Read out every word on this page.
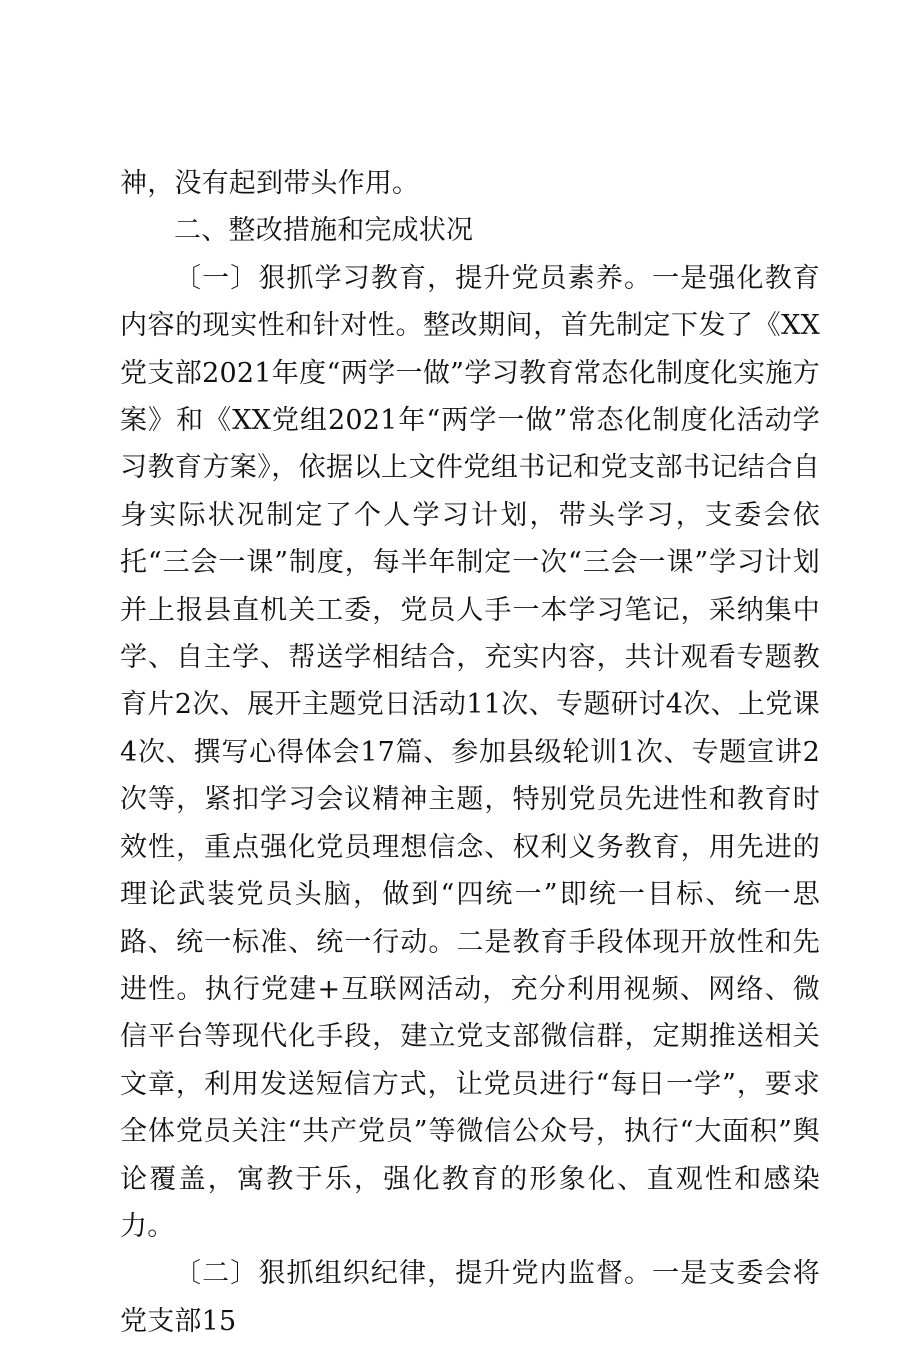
神，没有起到带头作用。

二、整改措施和完成状况

〔一〕狠抓学习教育，提升党员素养。一是强化教育内容的现实性和针对性。整改期间，首先制定下发了《XX党支部2021年度“两学一做”学习教育常态化制度化实施方案》和《XX党组2021年“两学一做”常态化制度化活动学习教育方案》，依据以上文件党组书记和党支部书记结合自身实际状况制定了个人学习计划，带头学习，支委会依托“三会一课”制度，每半年制定一次“三会一课”学习计划并上报县直机关工委，党员人手一本学习笔记，采纳集中学、自主学、帮送学相结合，充实内容，共计观看专题教育片2次、展开主题党日活动11次、专题研讨4次、上党课4次、撰写心得体会17篇、参加县级轮训1次、专题宣讲2次等，紧扣学习会议精神主题，特别党员先进性和教育时效性，重点强化党员理想信念、权利义务教育，用先进的理论武装党员头脑，做到“四统一”即统一目标、统一思路、统一标准、统一行动。二是教育手段体现开放性和先进性。执行党建+互联网活动，充分利用视频、网络、微信平台等现代化手段，建立党支部微信群，定期推送相关文章，利用发送短信方式，让党员进行“每日一学”，要求全体党员关注“共产党员”等微信公众号，执行“大面积”舆论覆盖，寓教于乐，强化教育的形象化、直观性和感染力。

〔二〕狠抓组织纪律，提升党内监督。一是支委会将党支部15
